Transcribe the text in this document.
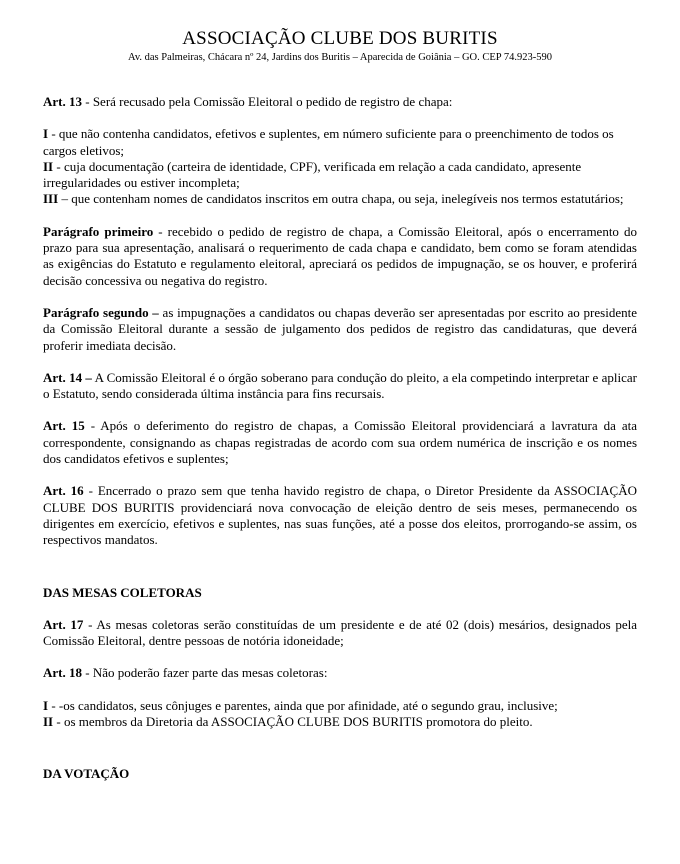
ASSOCIAÇÃO CLUBE DOS BURITIS
Av. das Palmeiras, Chácara nº 24, Jardins dos Buritis – Aparecida de Goiânia – GO. CEP 74.923-590

Art. 13 - Será recusado pela Comissão Eleitoral o pedido de registro de chapa:

I - que não contenha candidatos, efetivos e suplentes, em número suficiente para o preenchimento de todos os cargos eletivos;

II - cuja documentação (carteira de identidade, CPF), verificada em relação a cada candidato, apresente irregularidades ou estiver incompleta;

III – que contenham nomes de candidatos inscritos em outra chapa, ou seja, inelegíveis nos termos estatutários;

Parágrafo primeiro - recebido o pedido de registro de chapa, a Comissão Eleitoral, após o encerramento do prazo para sua apresentação, analisará o requerimento de cada chapa e candidato, bem como se foram atendidas as exigências do Estatuto e regulamento eleitoral, apreciará os pedidos de impugnação, se os houver, e proferirá decisão concessiva ou negativa do registro.

Parágrafo segundo – as impugnações a candidatos ou chapas deverão ser apresentadas por escrito ao presidente da Comissão Eleitoral durante a sessão de julgamento dos pedidos de registro das candidaturas, que deverá proferir imediata decisão.

Art. 14 – A Comissão Eleitoral é o órgão soberano para condução do pleito, a ela competindo interpretar e aplicar o Estatuto, sendo considerada última instância para fins recursais.

Art. 15 - Após o deferimento do registro de chapas, a Comissão Eleitoral providenciará a lavratura da ata correspondente, consignando as chapas registradas de acordo com sua ordem numérica de inscrição e os nomes dos candidatos efetivos e suplentes;

Art. 16 - Encerrado o prazo sem que tenha havido registro de chapa, o Diretor Presidente da ASSOCIAÇÃO CLUBE DOS BURITIS providenciará nova convocação de eleição dentro de seis meses, permanecendo os dirigentes em exercício, efetivos e suplentes, nas suas funções, até a posse dos eleitos, prorrogando-se assim, os respectivos mandatos.

DAS MESAS COLETORAS

Art. 17 - As mesas coletoras serão constituídas de um presidente e de até 02 (dois) mesários, designados pela Comissão Eleitoral, dentre pessoas de notória idoneidade;

Art. 18 - Não poderão fazer parte das mesas coletoras:

I - -os candidatos, seus cônjuges e parentes, ainda que por afinidade, até o segundo grau, inclusive;

II - os membros da Diretoria da ASSOCIAÇÃO CLUBE DOS BURITIS promotora do pleito.

DA VOTAÇÃO
